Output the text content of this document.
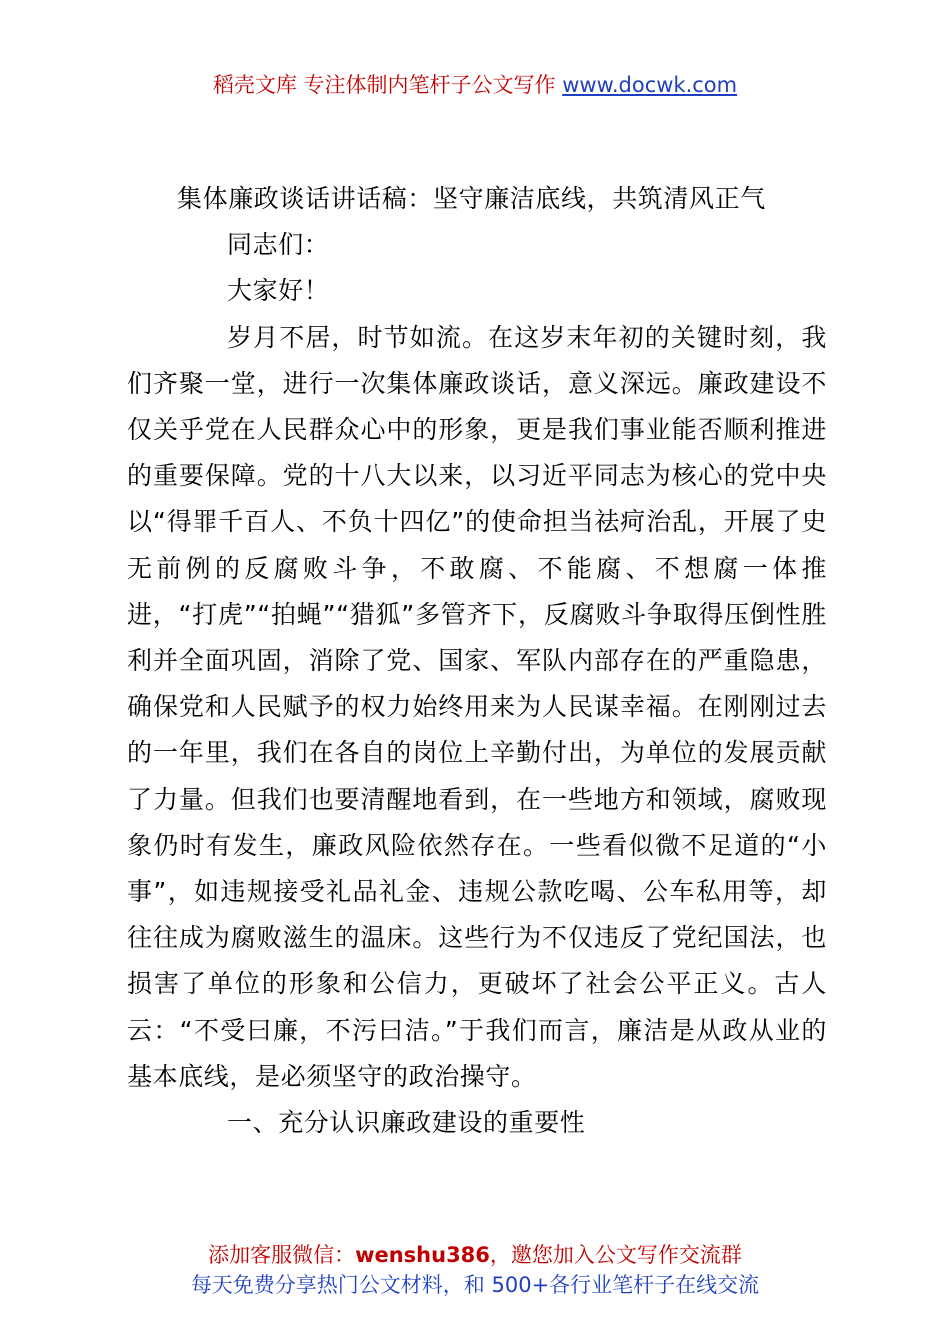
稻壳文库 专注体制内笔杆子公文写作 www.docwk.com
集体廉政谈话讲话稿：坚守廉洁底线，共筑清风正气

同志们：

大家好！

岁月不居，时节如流。在这岁末年初的关键时刻，我们齐聚一堂，进行一次集体廉政谈话，意义深远。廉政建设不仅关乎党在人民群众心中的形象，更是我们事业能否顺利推进的重要保障。党的十八大以来，以习近平同志为核心的党中央以“得罪千百人、不负十四亿”的使命担当祛疴治乱，开展了史无前例的反腐败斗争，不敢腐、不能腐、不想腐一体推进，“打虎”“拍蝇”“猎狐”多管齐下，反腐败斗争取得压倒性胜利并全面巩固，消除了党、国家、军队内部存在的严重隐患，确保党和人民赋予的权力始终用来为人民谋幸福。在刚刚过去的一年里，我们在各自的岗位上辛勤付出，为单位的发展贡献了力量。但我们也要清醒地看到，在一些地方和领域，腐败现象仍时有发生，廉政风险依然存在。一些看似微不足道的“小事”，如违规接受礼品礼金、违规公款吃喝、公车私用等，却往往成为腐败滋生的温床。这些行为不仅违反了党纪国法，也损害了单位的形象和公信力，更破坏了社会公平正义。古人云：“不受曰廉，不污曰洁。”于我们而言，廉洁是从政从业的基本底线，是必须坚守的政治操守。

一、充分认识廉政建设的重要性

添加客服微信：wenshu386，邀您加入公文写作交流群
每天免费分享热门公文材料，和 500+各行业笔杆子在线交流
